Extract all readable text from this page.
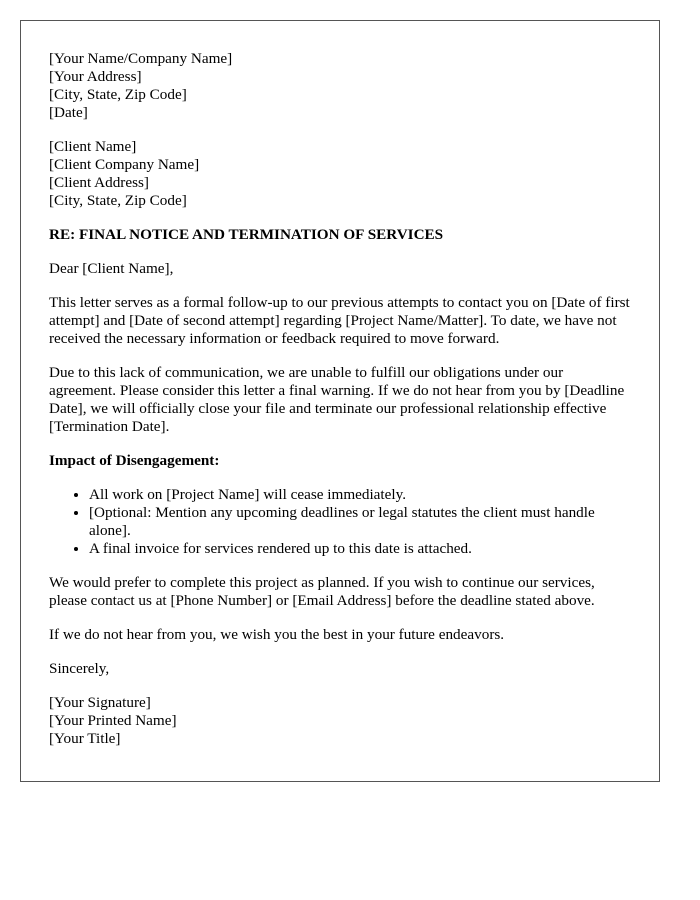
[Your Name/Company Name]
[Your Address]
[City, State, Zip Code]
[Date]
[Client Name]
[Client Company Name]
[Client Address]
[City, State, Zip Code]
RE: FINAL NOTICE AND TERMINATION OF SERVICES

Dear [Client Name],

This letter serves as a formal follow-up to our previous attempts to contact you on [Date of first attempt] and [Date of second attempt] regarding [Project Name/Matter]. To date, we have not received the necessary information or feedback required to move forward.

Due to this lack of communication, we are unable to fulfill our obligations under our agreement. Please consider this letter a final warning. If we do not hear from you by [Deadline Date], we will officially close your file and terminate our professional relationship effective [Termination Date].

Impact of Disengagement:
• All work on [Project Name] will cease immediately.
• [Optional: Mention any upcoming deadlines or legal statutes the client must handle alone].
• A final invoice for services rendered up to this date is attached.

We would prefer to complete this project as planned. If you wish to continue our services, please contact us at [Phone Number] or [Email Address] before the deadline stated above.

If we do not hear from you, we wish you the best in your future endeavors.

Sincerely,

[Your Signature]
[Your Printed Name]
[Your Title]
